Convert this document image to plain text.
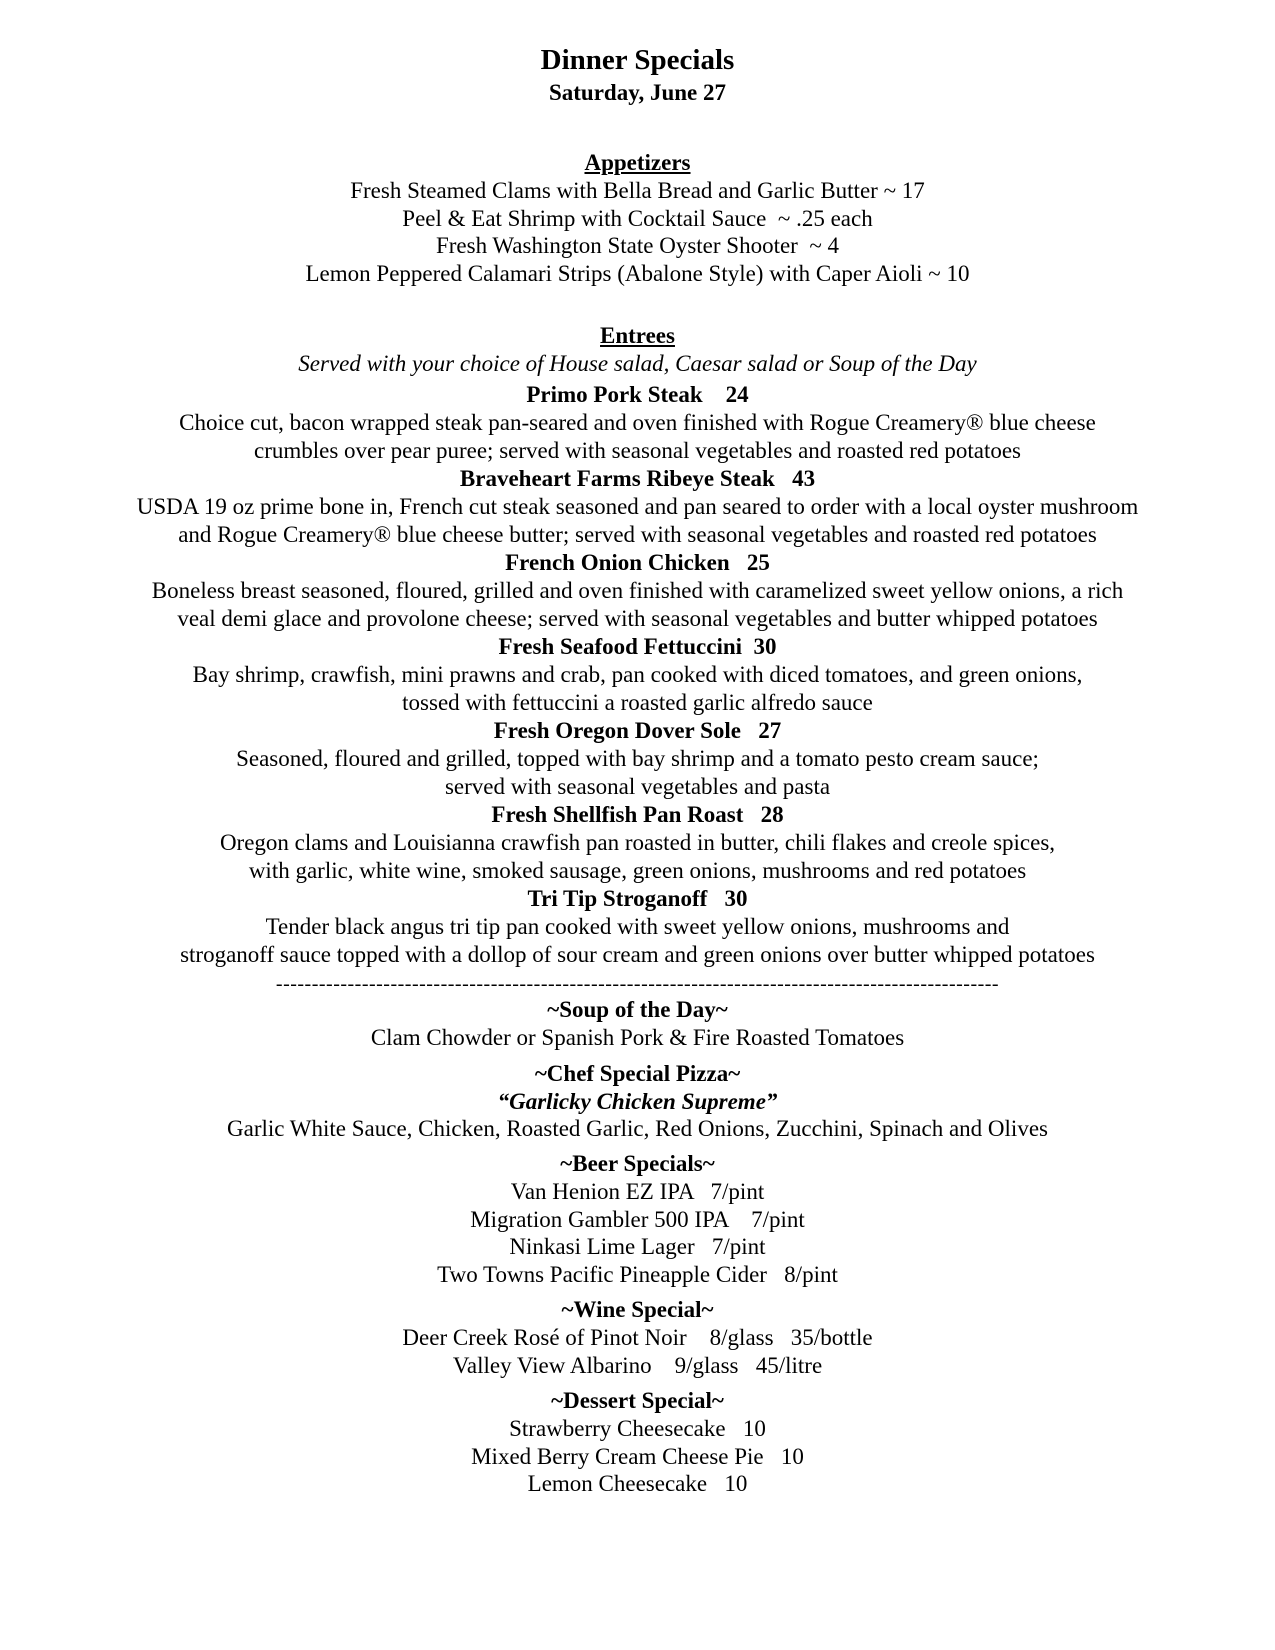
Dinner Specials

Saturday, June 27

Appetizers

Fresh Steamed Clams with Bella Bread and Garlic Butter ~ 17

Peel & Eat Shrimp with Cocktail Sauce  ~ .25 each

Fresh Washington State Oyster Shooter  ~ 4

Lemon Peppered Calamari Strips (Abalone Style) with Caper Aioli ~ 10

Entrees

Served with your choice of House salad, Caesar salad or Soup of the Day

Primo Pork Steak    24

Choice cut, bacon wrapped steak pan-seared and oven finished with Rogue Creamery® blue cheese

crumbles over pear puree; served with seasonal vegetables and roasted red potatoes

Braveheart Farms Ribeye Steak   43

USDA 19 oz prime bone in, French cut steak seasoned and pan seared to order with a local oyster mushroom

and Rogue Creamery® blue cheese butter; served with seasonal vegetables and roasted red potatoes

French Onion Chicken   25

Boneless breast seasoned, floured, grilled and oven finished with caramelized sweet yellow onions, a rich

veal demi glace and provolone cheese; served with seasonal vegetables and butter whipped potatoes

Fresh Seafood Fettuccini  30

Bay shrimp, crawfish, mini prawns and crab, pan cooked with diced tomatoes, and green onions,

tossed with fettuccini a roasted garlic alfredo sauce

Fresh Oregon Dover Sole   27

Seasoned, floured and grilled, topped with bay shrimp and a tomato pesto cream sauce;

served with seasonal vegetables and pasta

Fresh Shellfish Pan Roast   28

Oregon clams and Louisianna crawfish pan roasted in butter, chili flakes and creole spices,

with garlic, white wine, smoked sausage, green onions, mushrooms and red potatoes

Tri Tip Stroganoff   30

Tender black angus tri tip pan cooked with sweet yellow onions, mushrooms and

stroganoff sauce topped with a dollop of sour cream and green onions over butter whipped potatoes

-----------------------------------------------------------------------------------------------------

~Soup of the Day~

Clam Chowder or Spanish Pork & Fire Roasted Tomatoes

~Chef Special Pizza~

“Garlicky Chicken Supreme”

Garlic White Sauce, Chicken, Roasted Garlic, Red Onions, Zucchini, Spinach and Olives

~Beer Specials~

Van Henion EZ IPA   7/pint

Migration Gambler 500 IPA    7/pint

Ninkasi Lime Lager   7/pint

Two Towns Pacific Pineapple Cider   8/pint

~Wine Special~

Deer Creek Rosé of Pinot Noir    8/glass   35/bottle

Valley View Albarino    9/glass   45/litre

~Dessert Special~

Strawberry Cheesecake   10

Mixed Berry Cream Cheese Pie   10

Lemon Cheesecake   10
